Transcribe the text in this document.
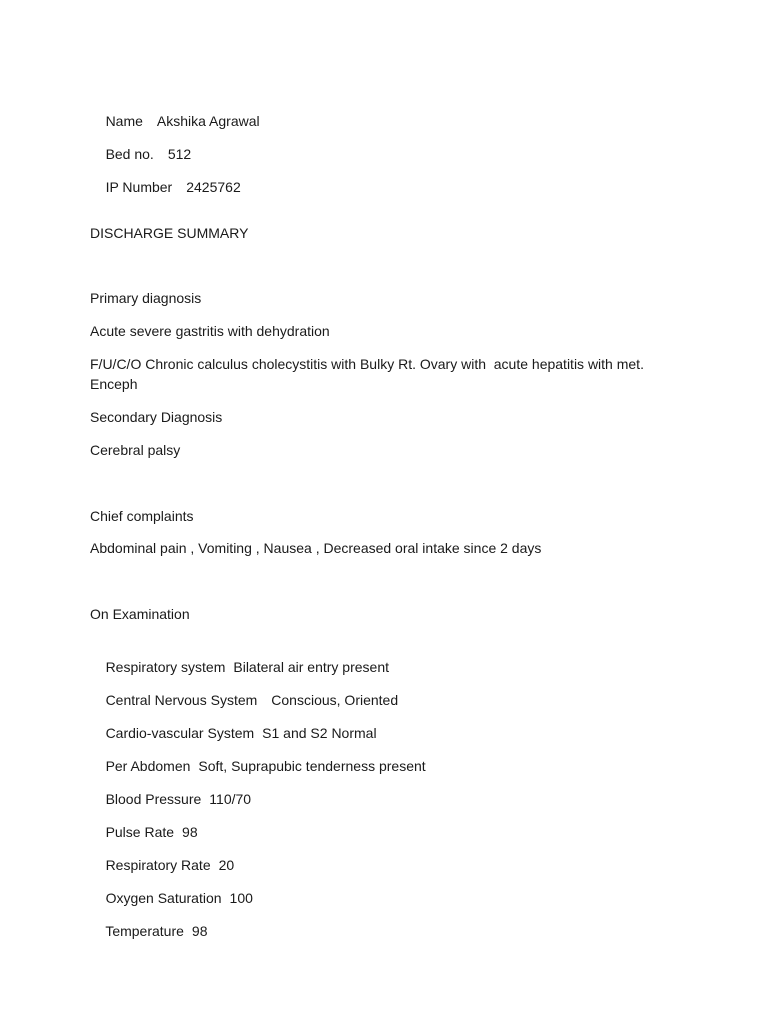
Name Akshika Agrawal

Bed no. 512

IP Number 2425762

DISCHARGE SUMMARY
Primary diagnosis
Acute severe gastritis with dehydration
F/U/C/O Chronic calculus cholecystitis with Bulky Rt. Ovary with  acute hepatitis with met. Enceph
Secondary Diagnosis
Cerebral palsy
Chief complaints
Abdominal pain , Vomiting , Nausea , Decreased oral intake since 2 days
On Examination

Respiratory system Bilateral air entry present

Central Nervous System Conscious, Oriented

Cardio-vascular System S1 and S2 Normal

Per Abdomen Soft, Suprapubic tenderness present

Blood Pressure 110/70

Pulse Rate 98

Respiratory Rate 20

Oxygen Saturation 100

Temperature 98
